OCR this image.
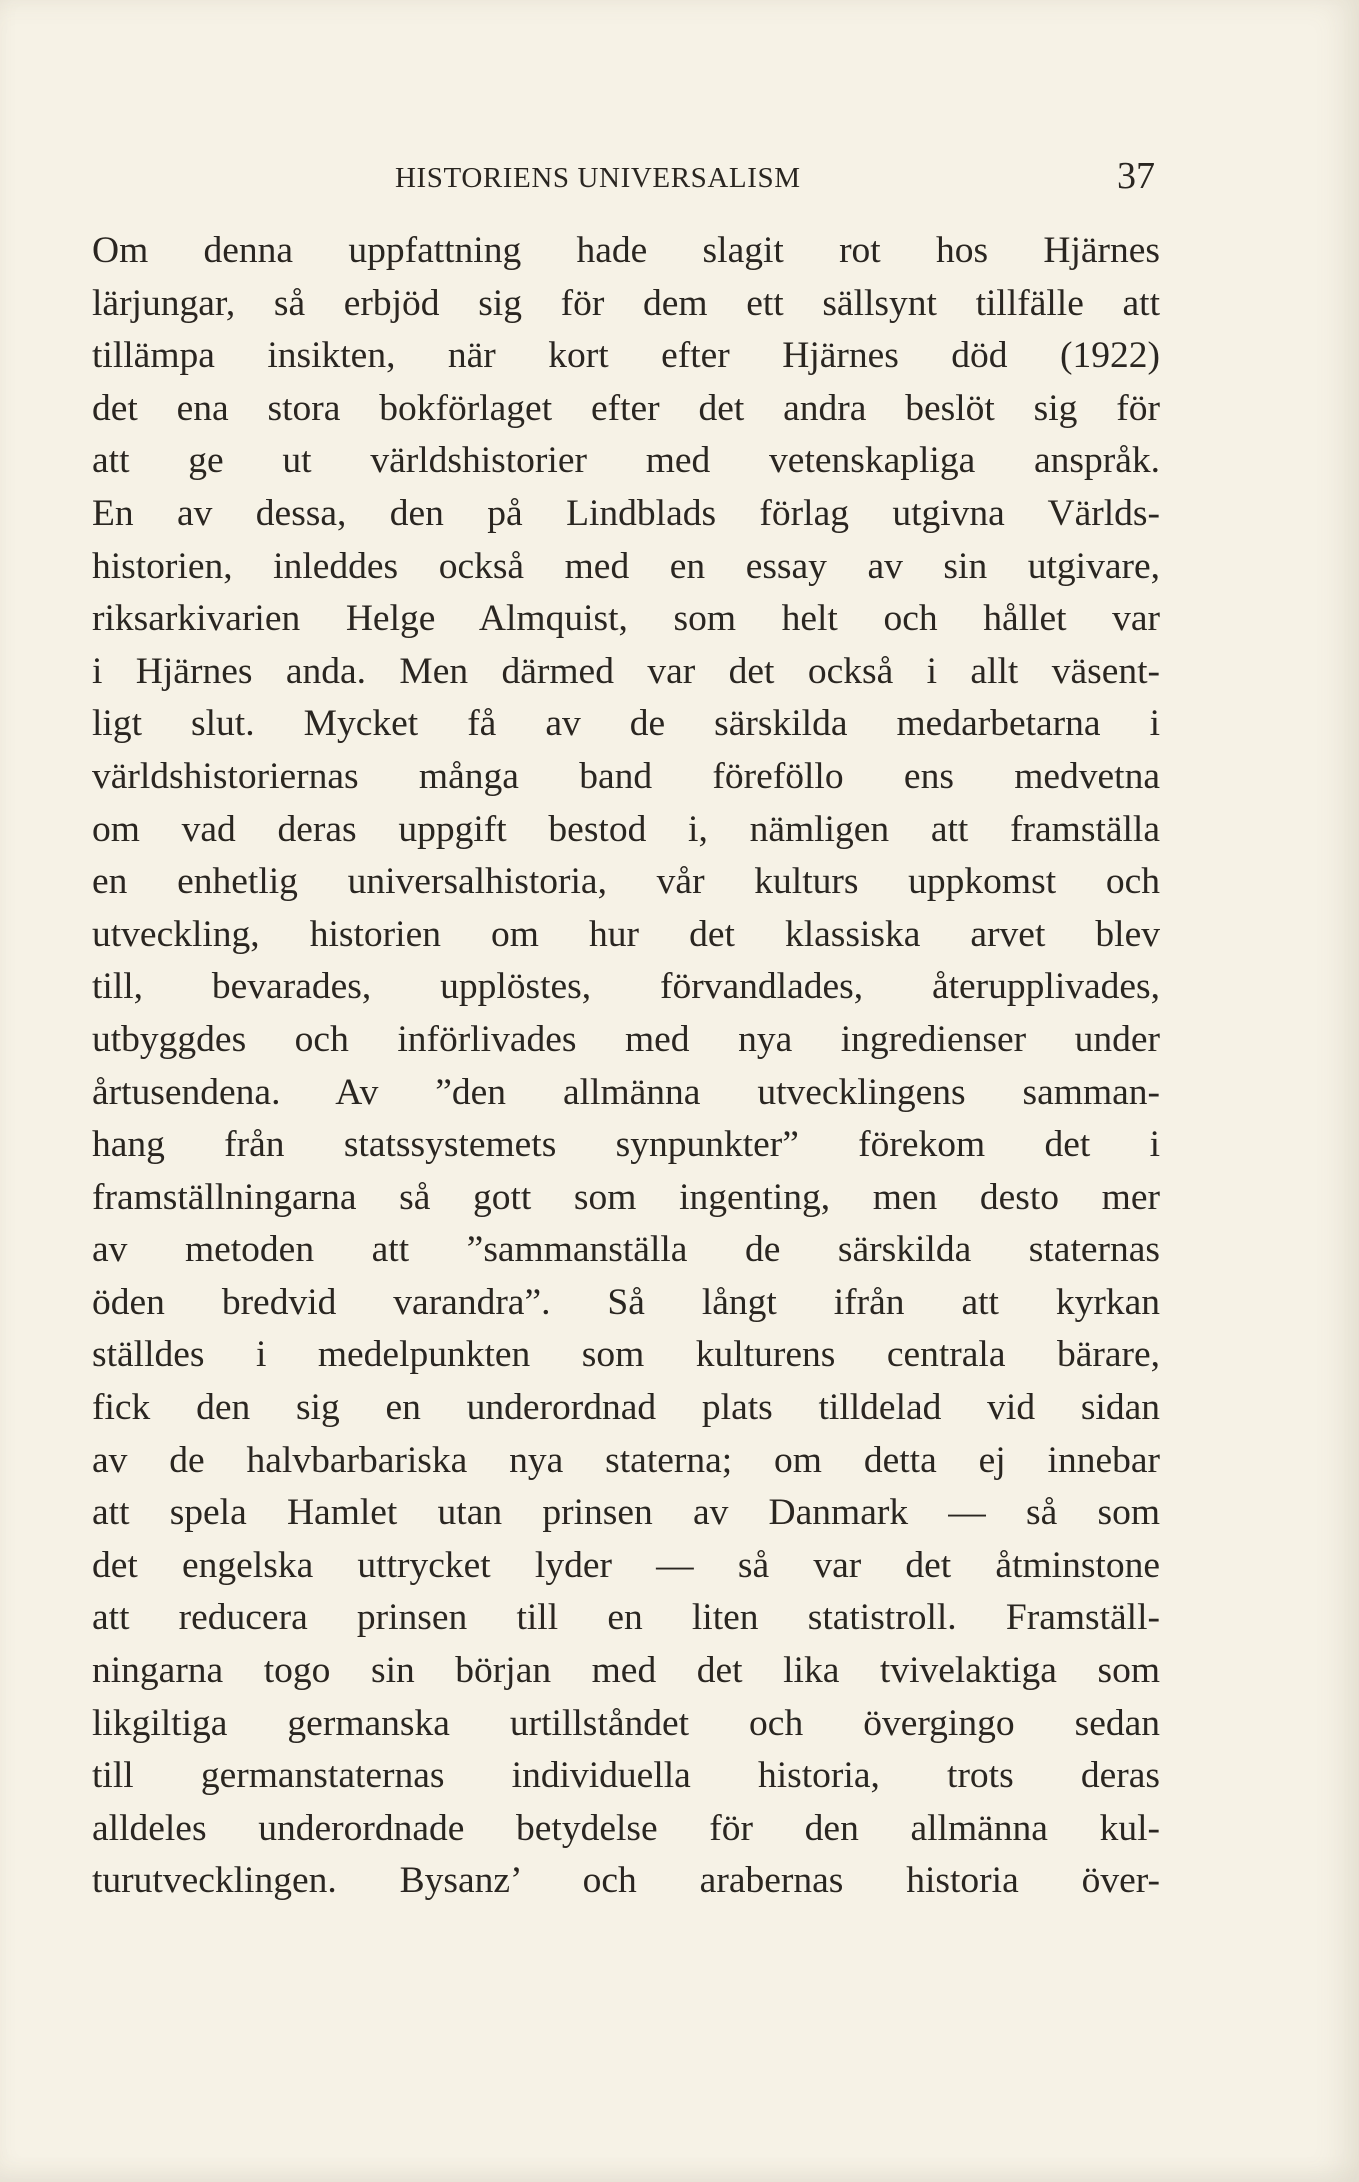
HISTORIENS UNIVERSALISM	37
Om denna uppfattning hade slagit rot hos Hjärnes
lärjungar, så erbjöd sig för dem ett sällsynt tillfälle att
tillämpa insikten, när kort efter Hjärnes död (1922)
det ena stora bokförlaget efter det andra beslöt sig för
att ge ut världshistorier med vetenskapliga anspråk.
En av dessa, den på Lindblads förlag utgivna Världs-
historien, inleddes också med en essay av sin utgivare,
riksarkivarien Helge Almquist, som helt och hållet var
i Hjärnes anda. Men därmed var det också i allt väsent-
ligt slut. Mycket få av de särskilda medarbetarna i
världshistoriernas många band föreföllo ens medvetna
om vad deras uppgift bestod i, nämligen att framställa
en enhetlig universalhistoria, vår kulturs uppkomst och
utveckling, historien om hur det klassiska arvet blev
till, bevarades, upplöstes, förvandlades, återupplivades,
utbyggdes och införlivades med nya ingredienser under
årtusendena. Av ”den allmänna utvecklingens samman-
hang från statssystemets synpunkter” förekom det i
framställningarna så gott som ingenting, men desto mer
av metoden att ”sammanställa de särskilda staternas
öden bredvid varandra”. Så långt ifrån att kyrkan
ställdes i medelpunkten som kulturens centrala bärare,
fick den sig en underordnad plats tilldelad vid sidan
av de halvbarbariska nya staterna; om detta ej innebar
att spela Hamlet utan prinsen av Danmark — så som
det engelska uttrycket lyder — så var det åtminstone
att reducera prinsen till en liten statistroll. Framställ-
ningarna togo sin början med det lika tvivelaktiga som
likgiltiga germanska urtillståndet och övergingo sedan
till germanstaternas individuella historia, trots deras
alldeles underordnade betydelse för den allmänna kul-
turutvecklingen. Bysanz’ och arabernas historia över-
